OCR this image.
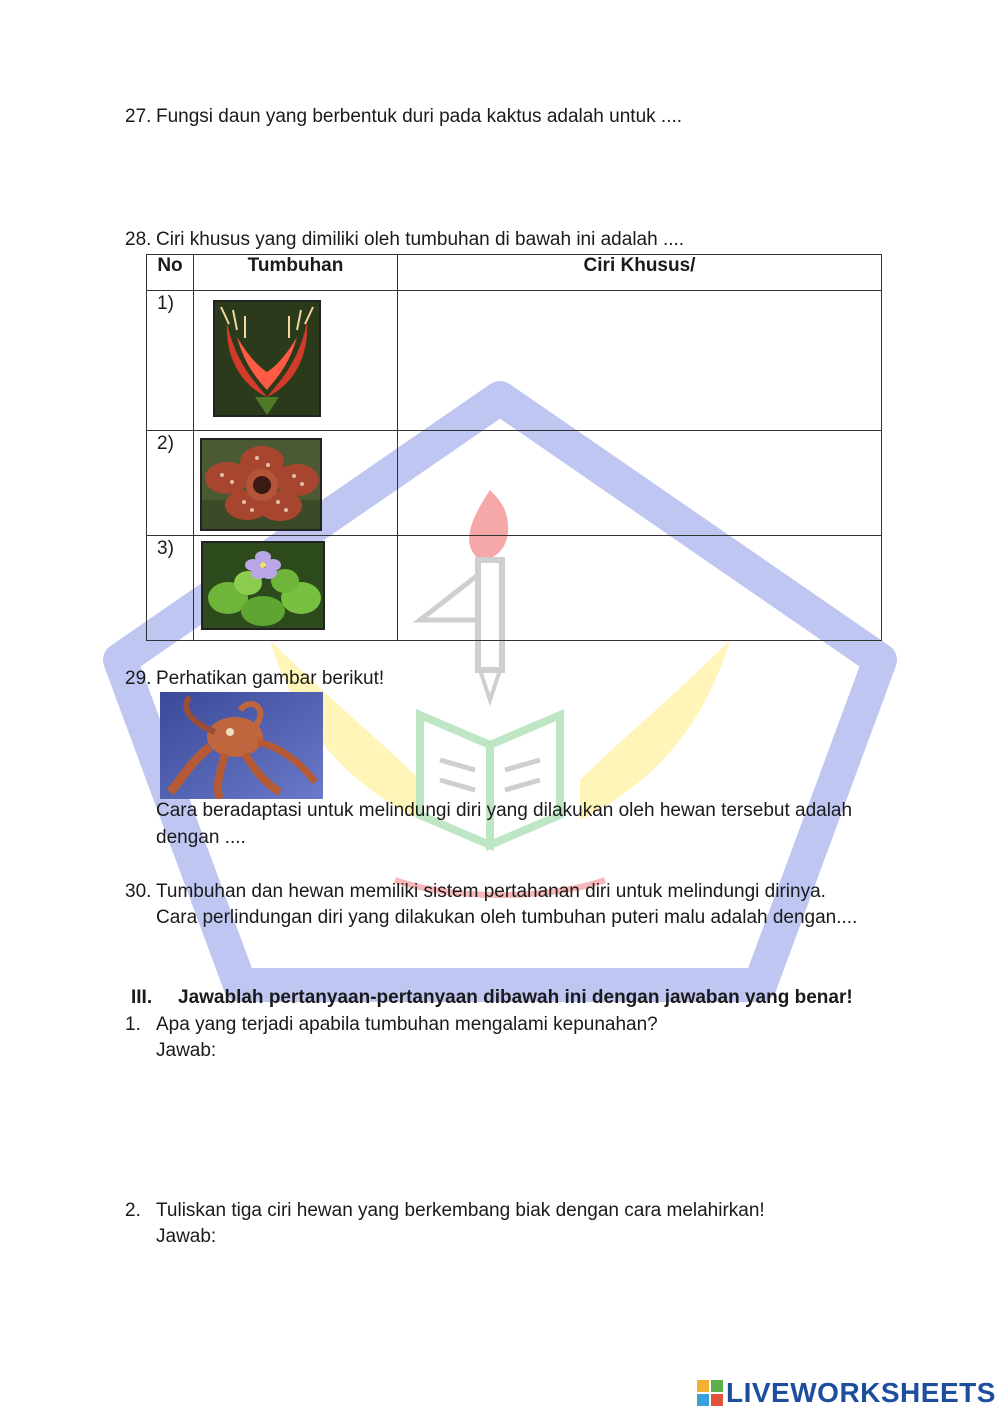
27. Fungsi daun yang berbentuk duri pada kaktus adalah untuk ....
28. Ciri khusus yang dimiliki oleh tumbuhan di bawah ini adalah ....
No	Tumbuhan	Ciri Khusus/
1)		
2)		
3)		
29. Perhatikan gambar berikut!
Cara beradaptasi untuk melindungi diri yang dilakukan oleh hewan tersebut adalah
dengan ....
30. Tumbuhan dan hewan memiliki sistem pertahanan diri untuk melindungi dirinya.
Cara perlindungan diri yang dilakukan oleh tumbuhan puteri malu adalah dengan....
III. Jawablah pertanyaan-pertanyaan dibawah ini dengan jawaban yang benar!
1. Apa yang terjadi apabila tumbuhan mengalami kepunahan?
Jawab:
2. Tuliskan tiga ciri hewan yang berkembang biak dengan cara melahirkan!
Jawab:
LIVEWORKSHEETS
